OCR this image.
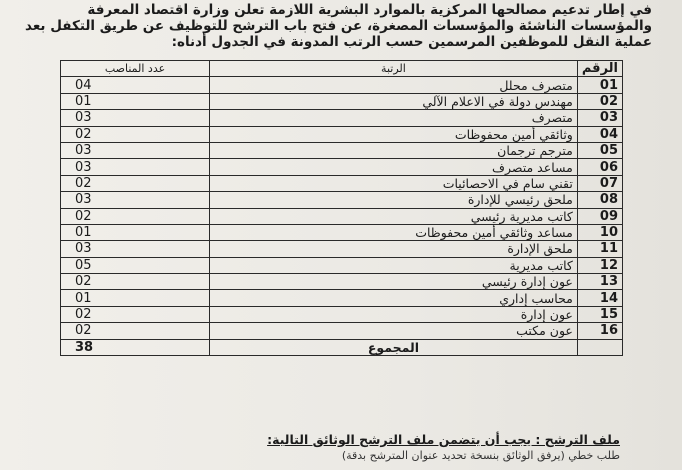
في إطار تدعيم مصالحها المركزية بالموارد البشرية اللازمة تعلن وزارة اقتصاد المعرفة

والمؤسسات الناشئة والمؤسسات المصغرة، عن فتح باب الترشح للتوظيف عن طريق التكفل بعد

عملية النقل للموظفين المرسمين حسب الرتب المدونة في الجدول أدناه:

الرقم	الرتبة	عدد المناصب
01	متصرف محلل	04
02	مهندس دولة في الاعلام الآلي	01
03	متصرف	03
04	وثائقي أمين محفوظات	02
05	مترجم ترجمان	03
06	مساعد متصرف	03
07	تقني سام في الاحصائيات	02
08	ملحق رئيسي للإدارة	03
09	كاتب مديرية رئيسي	02
10	مساعد وثائقي أمين محفوظات	01
11	ملحق الإدارة	03
12	كاتب مديرية	05
13	عون إدارة رئيسي	02
14	محاسب إداري	01
15	عون إدارة	02
16	عون مكتب	02
	المجموع	38
ملف الترشح : يجب أن يتضمن ملف الترشح الوثائق التالية:
طلب خطي (يرفق الوثائق بنسخة تحديد عنوان المترشح بدقة)
